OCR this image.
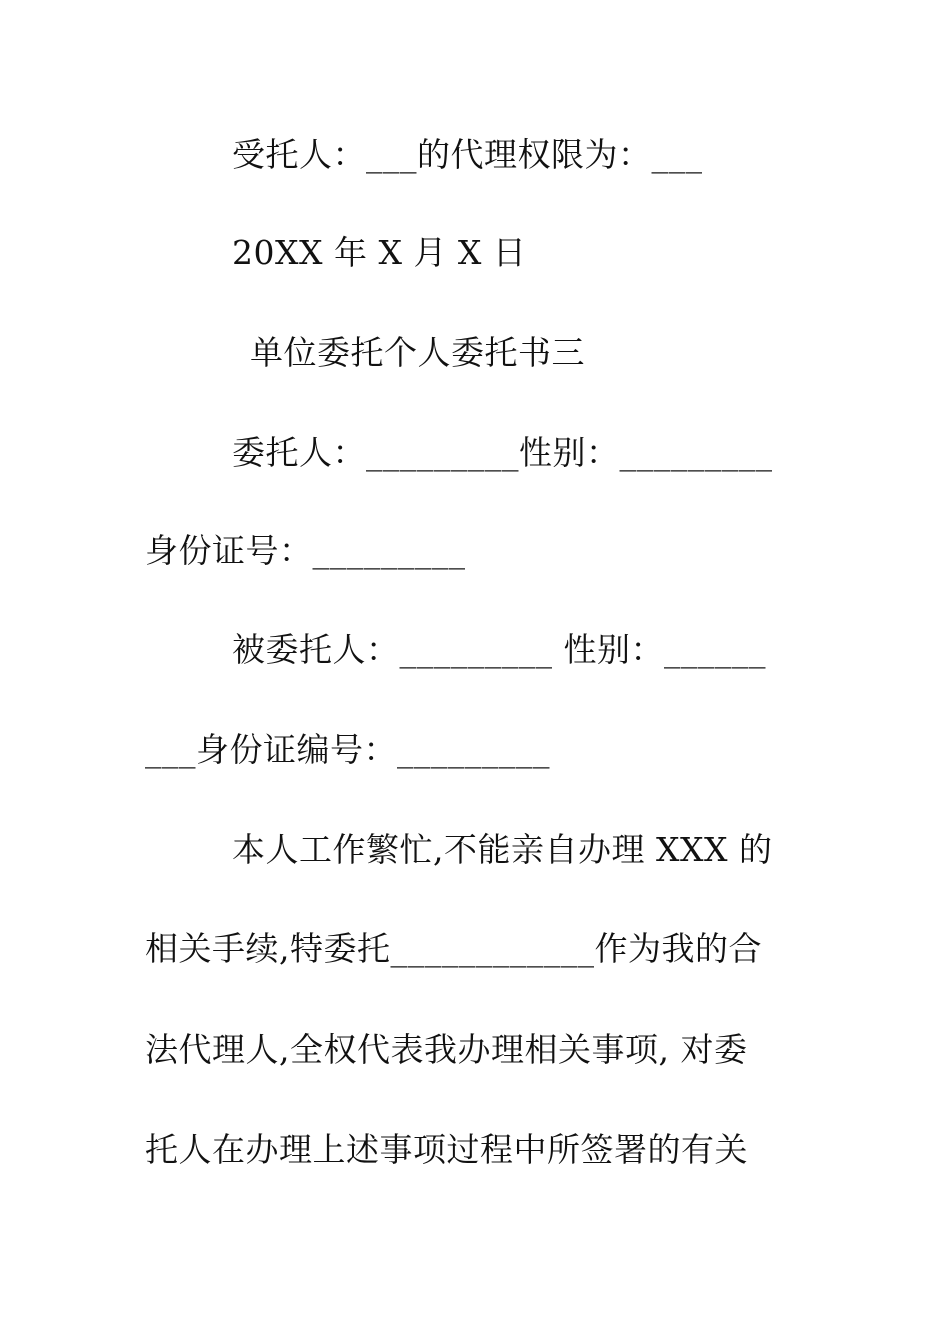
受托人：___的代理权限为：___
20XX 年 X 月 X 日
单位委托个人委托书三
委托人：_________性别：_________
身份证号：_________
被委托人：_________ 性别：______
___身份证编号：_________
本人工作繁忙,不能亲自办理 XXX 的
相关手续,特委托____________作为我的合
法代理人,全权代表我办理相关事项, 对委
托人在办理上述事项过程中所签署的有关
